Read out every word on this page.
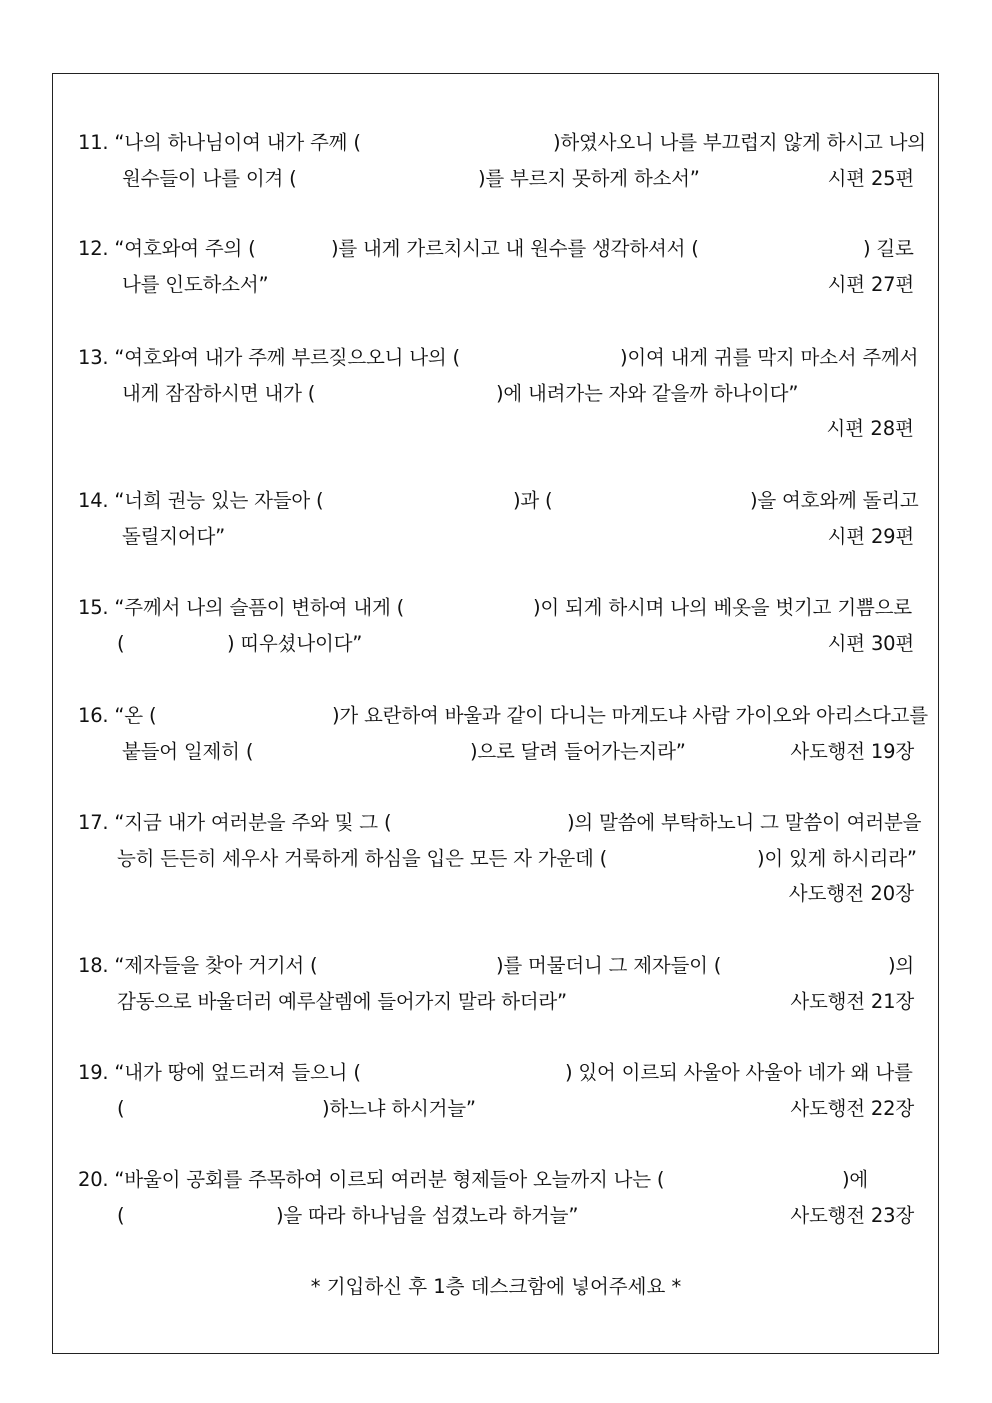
11. “나의 하나님이여 내가 주께 (	)하였사오니 나를 부끄럽지 않게 하시고 나의
원수들이 나를 이겨 (	)를 부르지 못하게 하소서”	시편 25편
12. “여호와여 주의 (	)를 내게 가르치시고 내 원수를 생각하셔서 (	) 길로
나를 인도하소서”	시편 27편
13. “여호와여 내가 주께 부르짖으오니 나의 (	)이여 내게 귀를 막지 마소서 주께서
내게 잠잠하시면 내가 (	)에 내려가는 자와 같을까 하나이다”
시편 28편
14. “너희 권능 있는 자들아 (	)과 (	)을 여호와께 돌리고
돌릴지어다”	시편 29편
15. “주께서 나의 슬픔이 변하여 내게 (	)이 되게 하시며 나의 베옷을 벗기고 기쁨으로
(	) 띠우셨나이다”	시편 30편
16. “온 (	)가 요란하여 바울과 같이 다니는 마게도냐 사람 가이오와 아리스다고를
붙들어 일제히 (	)으로 달려 들어가는지라”	사도행전 19장
17. “지금 내가 여러분을 주와 및 그 (	)의 말씀에 부탁하노니 그 말씀이 여러분을
능히 든든히 세우사 거룩하게 하심을 입은 모든 자 가운데 (	)이 있게 하시리라”
사도행전 20장
18. “제자들을 찾아 거기서 (	)를 머물더니 그 제자들이 (	)의
감동으로 바울더러 예루살렘에 들어가지 말라 하더라”	사도행전 21장
19. “내가 땅에 엎드러져 들으니 (	) 있어 이르되 사울아 사울아 네가 왜 나를
(	)하느냐 하시거늘”	사도행전 22장
20. “바울이 공회를 주목하여 이르되 여러분 형제들아 오늘까지 나는 (	)에
(	)을 따라 하나님을 섬겼노라 하거늘”	사도행전 23장
* 기입하신 후 1층 데스크함에 넣어주세요 *
